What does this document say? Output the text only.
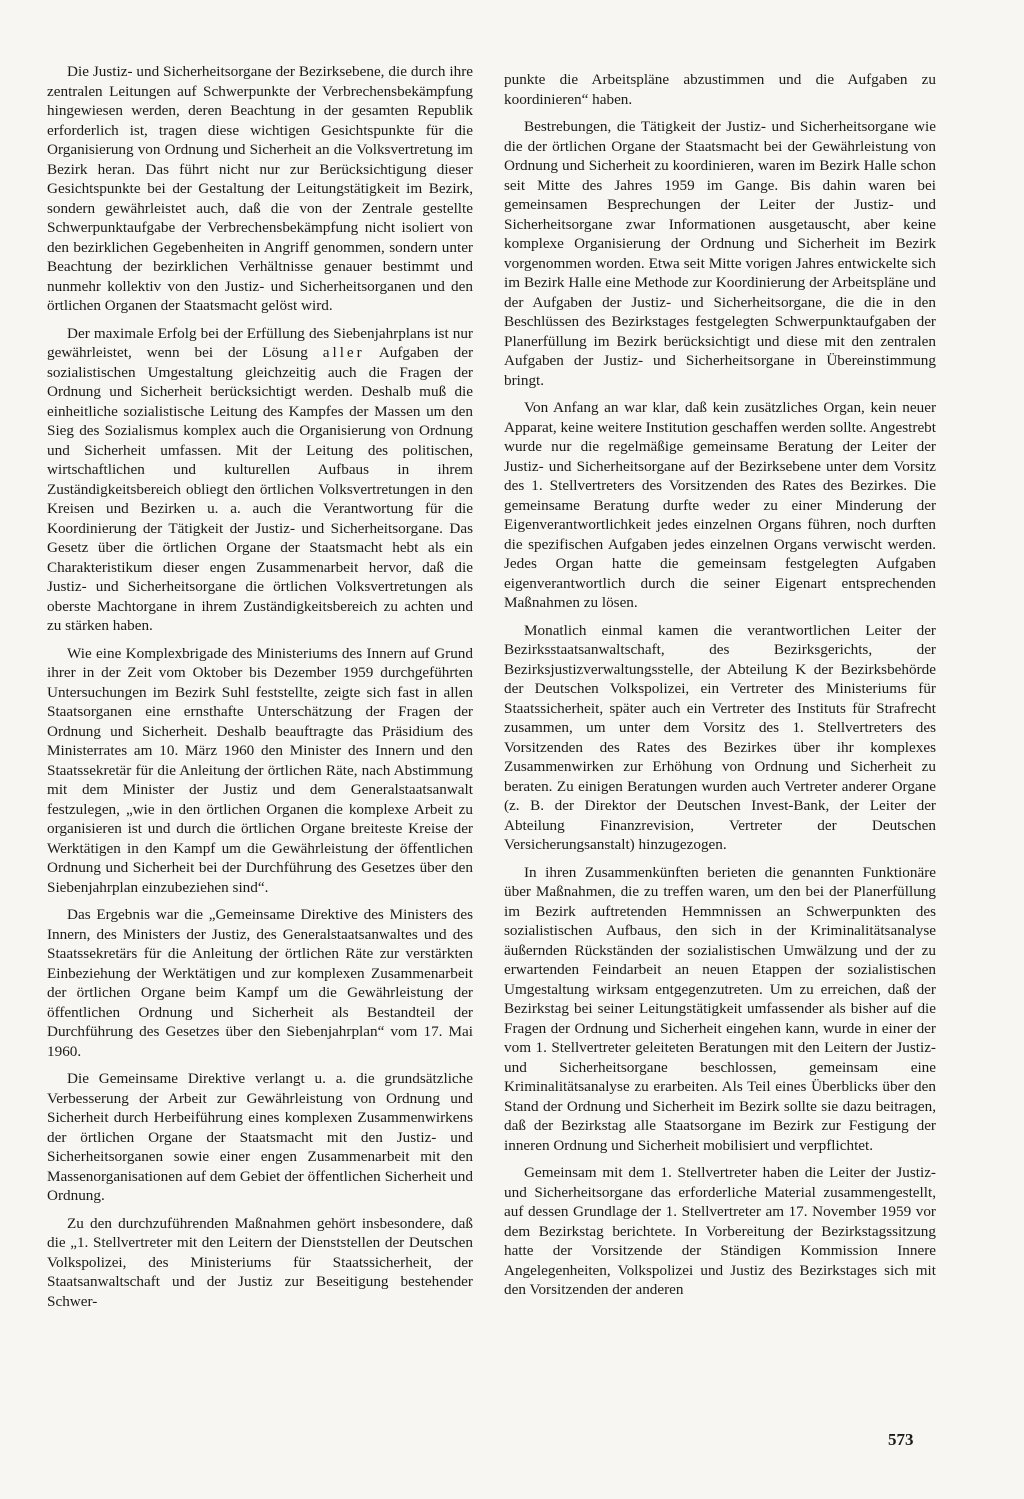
Die Justiz- und Sicherheitsorgane der Bezirksebene, die durch ihre zentralen Leitungen auf Schwerpunkte der Verbrechensbekämpfung hingewiesen werden, deren Beachtung in der gesamten Republik erforderlich ist, tragen diese wichtigen Gesichtspunkte für die Organisierung von Ordnung und Sicherheit an die Volksvertretung im Bezirk heran. Das führt nicht nur zur Berücksichtigung dieser Gesichtspunkte bei der Gestaltung der Leitungstätigkeit im Bezirk, sondern gewährleistet auch, daß die von der Zentrale gestellte Schwerpunktaufgabe der Verbrechensbekämpfung nicht isoliert von den bezirklichen Gegebenheiten in Angriff genommen, sondern unter Beachtung der bezirklichen Verhältnisse genauer bestimmt und nunmehr kollektiv von den Justiz- und Sicherheitsorganen und den örtlichen Organen der Staatsmacht gelöst wird.

Der maximale Erfolg bei der Erfüllung des Siebenjahrplans ist nur gewährleistet, wenn bei der Lösung aller Aufgaben der sozialistischen Umgestaltung gleichzeitig auch die Fragen der Ordnung und Sicherheit berücksichtigt werden. Deshalb muß die einheitliche sozialistische Leitung des Kampfes der Massen um den Sieg des Sozialismus komplex auch die Organisierung von Ordnung und Sicherheit umfassen. Mit der Leitung des politischen, wirtschaftlichen und kulturellen Aufbaus in ihrem Zuständigkeitsbereich obliegt den örtlichen Volksvertretungen in den Kreisen und Bezirken u. a. auch die Verantwortung für die Koordinierung der Tätigkeit der Justiz- und Sicherheitsorgane. Das Gesetz über die örtlichen Organe der Staatsmacht hebt als ein Charakteristikum dieser engen Zusammenarbeit hervor, daß die Justiz- und Sicherheitsorgane die örtlichen Volksvertretungen als oberste Machtorgane in ihrem Zuständigkeitsbereich zu achten und zu stärken haben.

Wie eine Komplexbrigade des Ministeriums des Innern auf Grund ihrer in der Zeit vom Oktober bis Dezember 1959 durchgeführten Untersuchungen im Bezirk Suhl feststellte, zeigte sich fast in allen Staatsorganen eine ernsthafte Unterschätzung der Fragen der Ordnung und Sicherheit. Deshalb beauftragte das Präsidium des Ministerrates am 10. März 1960 den Minister des Innern und den Staatssekretär für die Anleitung der örtlichen Räte, nach Abstimmung mit dem Minister der Justiz und dem Generalstaatsanwalt festzulegen, „wie in den örtlichen Organen die komplexe Arbeit zu organisieren ist und durch die örtlichen Organe breiteste Kreise der Werktätigen in den Kampf um die Gewährleistung der öffentlichen Ordnung und Sicherheit bei der Durchführung des Gesetzes über den Siebenjahrplan einzubeziehen sind“.

Das Ergebnis war die „Gemeinsame Direktive des Ministers des Innern, des Ministers der Justiz, des Generalstaatsanwaltes und des Staatssekretärs für die Anleitung der örtlichen Räte zur verstärkten Einbeziehung der Werktätigen und zur komplexen Zusammenarbeit der örtlichen Organe beim Kampf um die Gewährleistung der öffentlichen Ordnung und Sicherheit als Bestandteil der Durchführung des Gesetzes über den Siebenjahrplan“ vom 17. Mai 1960.

Die Gemeinsame Direktive verlangt u. a. die grundsätzliche Verbesserung der Arbeit zur Gewährleistung von Ordnung und Sicherheit durch Herbeiführung eines komplexen Zusammenwirkens der örtlichen Organe der Staatsmacht mit den Justiz- und Sicherheitsorganen sowie einer engen Zusammenarbeit mit den Massenorganisationen auf dem Gebiet der öffentlichen Sicherheit und Ordnung.

Zu den durchzuführenden Maßnahmen gehört insbesondere, daß die „1. Stellvertreter mit den Leitern der Dienststellen der Deutschen Volkspolizei, des Ministeriums für Staatssicherheit, der Staatsanwaltschaft und der Justiz zur Beseitigung bestehender Schwer-

punkte die Arbeitspläne abzustimmen und die Aufgaben zu koordinieren“ haben.

Bestrebungen, die Tätigkeit der Justiz- und Sicherheitsorgane wie die der örtlichen Organe der Staatsmacht bei der Gewährleistung von Ordnung und Sicherheit zu koordinieren, waren im Bezirk Halle schon seit Mitte des Jahres 1959 im Gange. Bis dahin waren bei gemeinsamen Besprechungen der Leiter der Justiz- und Sicherheitsorgane zwar Informationen ausgetauscht, aber keine komplexe Organisierung der Ordnung und Sicherheit im Bezirk vorgenommen worden. Etwa seit Mitte vorigen Jahres entwickelte sich im Bezirk Halle eine Methode zur Koordinierung der Arbeitspläne und der Aufgaben der Justiz- und Sicherheitsorgane, die die in den Beschlüssen des Bezirkstages festgelegten Schwerpunktaufgaben der Planerfüllung im Bezirk berücksichtigt und diese mit den zentralen Aufgaben der Justiz- und Sicherheitsorgane in Übereinstimmung bringt.

Von Anfang an war klar, daß kein zusätzliches Organ, kein neuer Apparat, keine weitere Institution geschaffen werden sollte. Angestrebt wurde nur die regelmäßige gemeinsame Beratung der Leiter der Justiz- und Sicherheitsorgane auf der Bezirksebene unter dem Vorsitz des 1. Stellvertreters des Vorsitzenden des Rates des Bezirkes. Die gemeinsame Beratung durfte weder zu einer Minderung der Eigenverantwortlichkeit jedes einzelnen Organs führen, noch durften die spezifischen Aufgaben jedes einzelnen Organs verwischt werden. Jedes Organ hatte die gemeinsam festgelegten Aufgaben eigenverantwortlich durch die seiner Eigenart entsprechenden Maßnahmen zu lösen.

Monatlich einmal kamen die verantwortlichen Leiter der Bezirksstaatsanwaltschaft, des Bezirksgerichts, der Bezirksjustizverwaltungsstelle, der Abteilung K der Bezirksbehörde der Deutschen Volkspolizei, ein Vertreter des Ministeriums für Staatssicherheit, später auch ein Vertreter des Instituts für Strafrecht zusammen, um unter dem Vorsitz des 1. Stellvertreters des Vorsitzenden des Rates des Bezirkes über ihr komplexes Zusammenwirken zur Erhöhung von Ordnung und Sicherheit zu beraten. Zu einigen Beratungen wurden auch Vertreter anderer Organe (z. B. der Direktor der Deutschen Invest-Bank, der Leiter der Abteilung Finanzrevision, Vertreter der Deutschen Versicherungsanstalt) hinzugezogen.

In ihren Zusammenkünften berieten die genannten Funktionäre über Maßnahmen, die zu treffen waren, um den bei der Planerfüllung im Bezirk auftretenden Hemmnissen an Schwerpunkten des sozialistischen Aufbaus, den sich in der Kriminalitätsanalyse äußernden Rückständen der sozialistischen Umwälzung und der zu erwartenden Feindarbeit an neuen Etappen der sozialistischen Umgestaltung wirksam entgegenzutreten. Um zu erreichen, daß der Bezirkstag bei seiner Leitungstätigkeit umfassender als bisher auf die Fragen der Ordnung und Sicherheit eingehen kann, wurde in einer der vom 1. Stellvertreter geleiteten Beratungen mit den Leitern der Justiz- und Sicherheitsorgane beschlossen, gemeinsam eine Kriminalitätsanalyse zu erarbeiten. Als Teil eines Überblicks über den Stand der Ordnung und Sicherheit im Bezirk sollte sie dazu beitragen, daß der Bezirkstag alle Staatsorgane im Bezirk zur Festigung der inneren Ordnung und Sicherheit mobilisiert und verpflichtet.

Gemeinsam mit dem 1. Stellvertreter haben die Leiter der Justiz- und Sicherheitsorgane das erforderliche Material zusammengestellt, auf dessen Grundlage der 1. Stellvertreter am 17. November 1959 vor dem Bezirkstag berichtete. In Vorbereitung der Bezirkstagssitzung hatte der Vorsitzende der Ständigen Kommission Innere Angelegenheiten, Volkspolizei und Justiz des Bezirkstages sich mit den Vorsitzenden der anderen

573
